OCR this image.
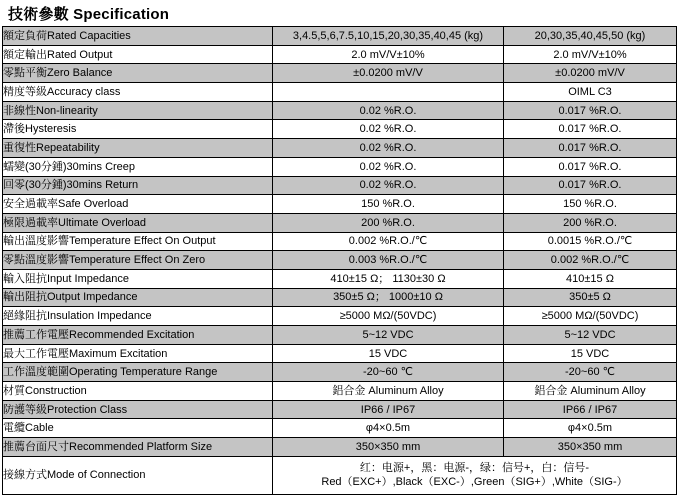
技術參數 Specification
額定負荷Rated Capacities	3,4.5,5,6,7.5,10,15,20,30,35,40,45 (kg)	20,30,35,40,45,50 (kg)
額定輸出Rated Output	2.0 mV/V±10%	2.0 mV/V±10%
零點平衡Zero Balance	±0.0200 mV/V	±0.0200 mV/V
精度等級Accuracy class		OIML C3
非線性Non-linearity	0.02 %R.O.	0.017 %R.O.
滯後Hysteresis	0.02 %R.O.	0.017 %R.O.
重復性Repeatability	0.02 %R.O.	0.017 %R.O.
蠕變(30分鍾)30mins Creep	0.02 %R.O.	0.017 %R.O.
回零(30分鍾)30mins Return	0.02 %R.O.	0.017 %R.O.
安全過載率Safe Overload	150 %R.O.	150 %R.O.
極限過載率Ultimate Overload	200 %R.O.	200 %R.O.
輸出溫度影響Temperature Effect On Output	0.002 %R.O./℃	0.0015 %R.O./℃
零點溫度影響Temperature Effect On Zero	0.003 %R.O./℃	0.002 %R.O./℃
輸入阻抗Input Impedance	410±15 Ω； 1130±30 Ω	410±15 Ω
輸出阻抗Output Impedance	350±5 Ω； 1000±10 Ω	350±5 Ω
絕緣阻抗Insulation Impedance	≥5000 MΩ/(50VDC)	≥5000 MΩ/(50VDC)
推薦工作電壓Recommended Excitation	5~12 VDC	5~12 VDC
最大工作電壓Maximum Excitation	15 VDC	15 VDC
工作溫度範圍Operating Temperature Range	-20~60 ℃	-20~60 ℃
材質Construction	鋁合金 Aluminum Alloy	鋁合金 Aluminum Alloy
防護等級Protection Class	IP66 / IP67	IP66 / IP67
電纜Cable	φ4×0.5m	φ4×0.5m
推薦台面尺寸Recommended Platform Size	350×350 mm	350×350 mm
接線方式Mode of Connection	红：电源+，黑：电源-，绿：信号+，白：信号-
Red（EXC+）,Black（EXC-）,Green（SIG+）,White（SIG-）	
